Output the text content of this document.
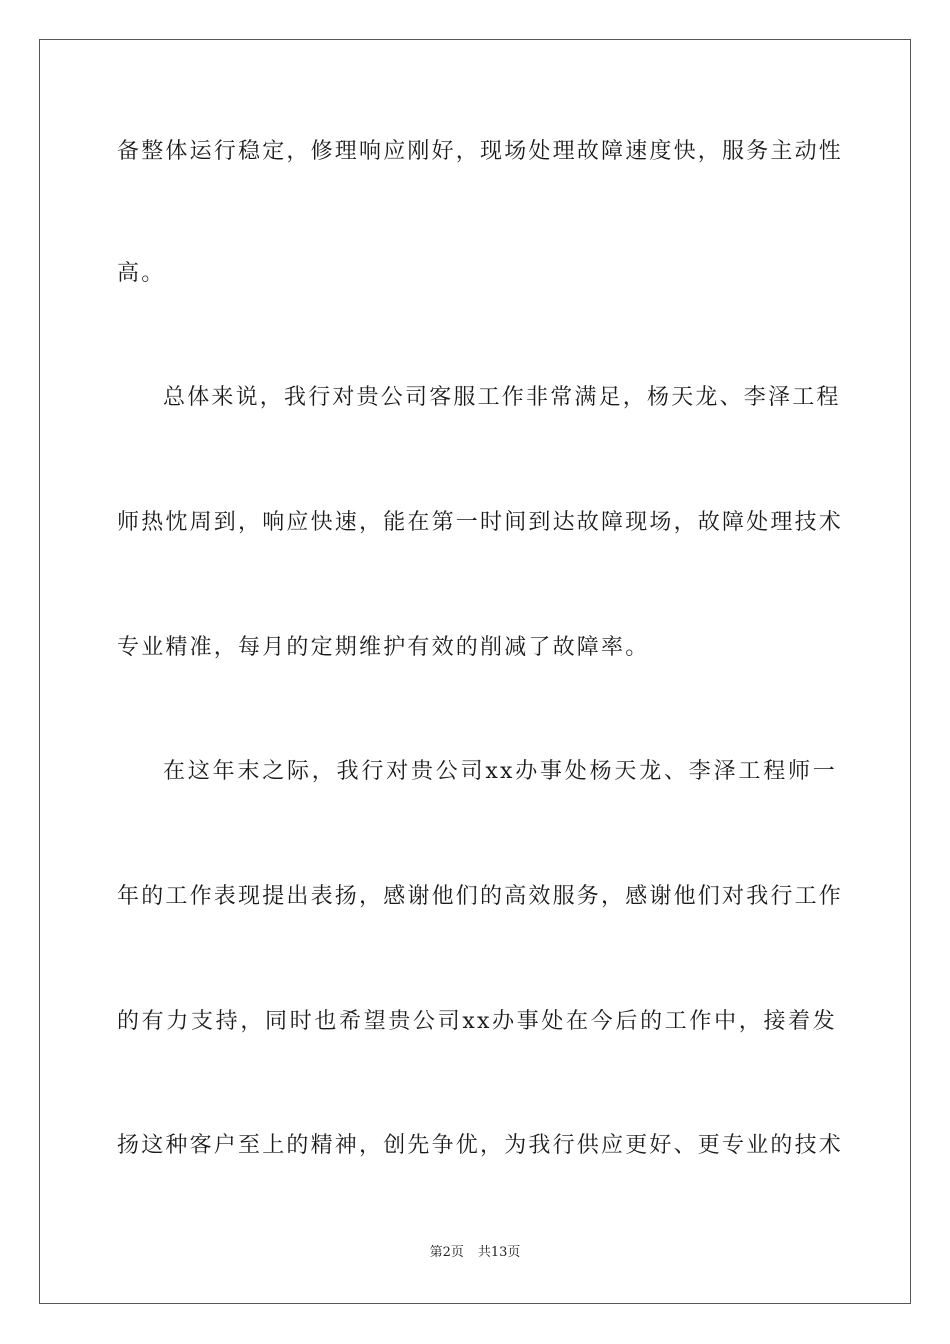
备整体运行稳定，修理响应刚好，现场处理故障速度快，服务主动性
高。
总体来说，我行对贵公司客服工作非常满足，杨天龙、李泽工程
师热忱周到，响应快速，能在第一时间到达故障现场，故障处理技术
专业精准，每月的定期维护有效的削减了故障率。
在这年末之际，我行对贵公司xx办事处杨天龙、李泽工程师一
年的工作表现提出表扬，感谢他们的高效服务，感谢他们对我行工作
的有力支持，同时也希望贵公司xx办事处在今后的工作中，接着发
扬这种客户至上的精神，创先争优，为我行供应更好、更专业的技术
第2页 共13页
